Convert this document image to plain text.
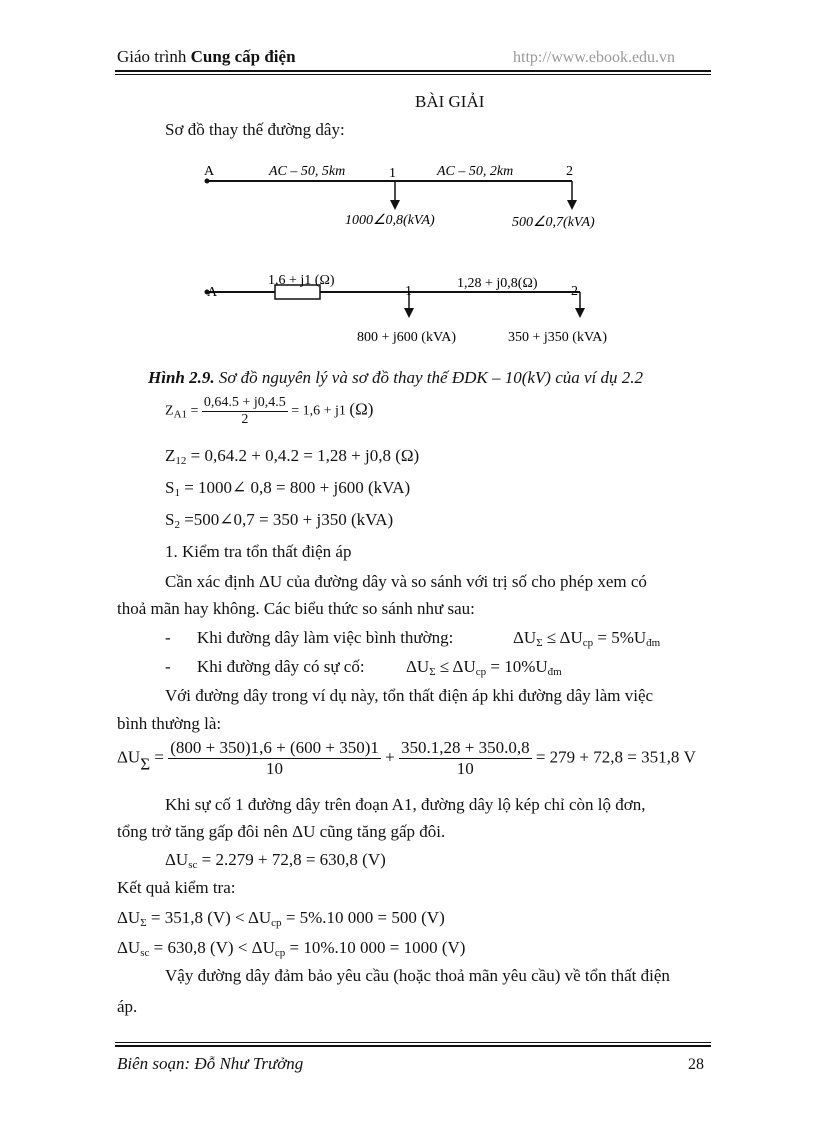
Giáo trình Cung cấp điện	http://www.ebook.edu.vn
BÀI GIẢI
Sơ đồ thay thế đường dây:
A	1	2
AC – 50, 5km	AC – 50, 2km
1000∠0,8(kVA)	500∠0,7(kVA)
A	1	2
1,6 + j1 (Ω)	1,28 + j0,8(Ω)
800 + j600 (kVA)	350 + j350 (kVA)
Hình 2.9. Sơ đồ nguyên lý và sơ đồ thay thế ĐDK – 10(kV) của ví dụ 2.2
$Z_{A1} = \frac{0,64.5 + j0,4.5}{2} = 1,6 + j1$ (Ω)
$Z_{12} = 0,64.2 + 0,4.2 = 1,28 + j0,8$ (Ω)
$S_1$ = 1000∠ 0,8 = 800 + j600 (kVA)
$S_2$ =500∠0,7 = 350 + j350 (kVA)
1. Kiểm tra tổn thất điện áp
Cần xác định ΔU của đường dây và so sánh với trị số cho phép xem có
thoả mãn hay không. Các biểu thức so sánh như sau:
- Khi đường dây làm việc bình thường:	$\Delta U_\Sigma \le \Delta U_{cp} = 5\%U_{đm}$
- Khi đường dây có sự cố: $\Delta U_\Sigma \le \Delta U_{cp} = 10\%U_{đm}$
Với đường dây trong ví dụ này, tổn thất điện áp khi đường dây làm việc
bình thường là:
$\Delta U_\Sigma = \frac{(800 + 350)1,6 + (600 + 350)1}{10} + \frac{350.1,28 + 350.0,8}{10} = 279 + 72,8 = 351,8$ V
Khi sự cố 1 đường dây trên đoạn A1, đường dây lộ kép chỉ còn lộ đơn,
tổng trở tăng gấp đôi nên ΔU cũng tăng gấp đôi.
$\Delta U_{sc} = 2.279 + 72,8 = 630,8$ (V)
Kết quả kiểm tra:
$\Delta U_\Sigma = 351,8$ $(V) < \Delta U_{cp} = 5\%.10$ 000 = 500 (V)
$\Delta U_{sc} = 630,8$ $(V) < \Delta U_{cp} = 10\%.10$ 000 = 1000 (V)
Vậy đường dây đảm bảo yêu cầu (hoặc thoả mãn yêu cầu) về tổn thất điện
áp.
Biên soạn: Đỗ Như Trưởng	28
